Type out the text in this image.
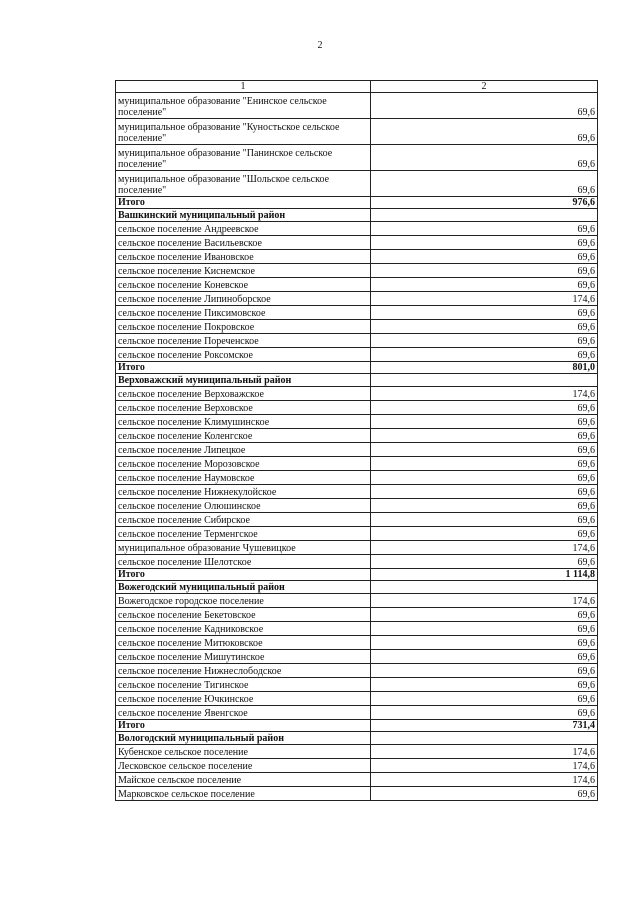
2
1	2
муниципальное образование "Енинское сельское поселение"	69,6
муниципальное образование "Куностьское сельское поселение"	69,6
муниципальное образование "Панинское сельское поселение"	69,6
муниципальное образование "Шольское сельское поселение"	69,6
Итого	976,6
Вашкинский муниципальный район	
сельское поселение Андреевское	69,6
сельское поселение Васильевское	69,6
сельское поселение Ивановское	69,6
сельское поселение Киснемское	69,6
сельское поселение Коневское	69,6
сельское поселение Липиноборское	174,6
сельское поселение Пиксимовское	69,6
сельское поселение Покровское	69,6
сельское поселение Пореченское	69,6
сельское поселение Роксомское	69,6
Итого	801,0
Верховажский муниципальный район	
сельское поселение Верховажское	174,6
сельское поселение Верховское	69,6
сельское поселение Климушинское	69,6
сельское поселение Коленгское	69,6
сельское поселение Липецкое	69,6
сельское поселение Морозовское	69,6
сельское поселение Наумовское	69,6
сельское поселение Нижнекулойское	69,6
сельское поселение Олюшинское	69,6
сельское поселение Сибирское	69,6
сельское поселение Терменгское	69,6
муниципальное образование Чушевицкое	174,6
сельское поселение Шелотское	69,6
Итого	1 114,8
Вожегодский муниципальный район	
Вожегодское городское поселение	174,6
сельское поселение Бекетовское	69,6
сельское поселение Кадниковское	69,6
сельское поселение Митюковское	69,6
сельское поселение Мишутинское	69,6
сельское поселение Нижнеслободское	69,6
сельское поселение Тигинское	69,6
сельское поселение Ючкинское	69,6
сельское поселение Явенгское	69,6
Итого	731,4
Вологодский муниципальный район	
Кубенское сельское поселение	174,6
Лесковское сельское поселение	174,6
Майское сельское поселение	174,6
Марковское сельское поселение	69,6
